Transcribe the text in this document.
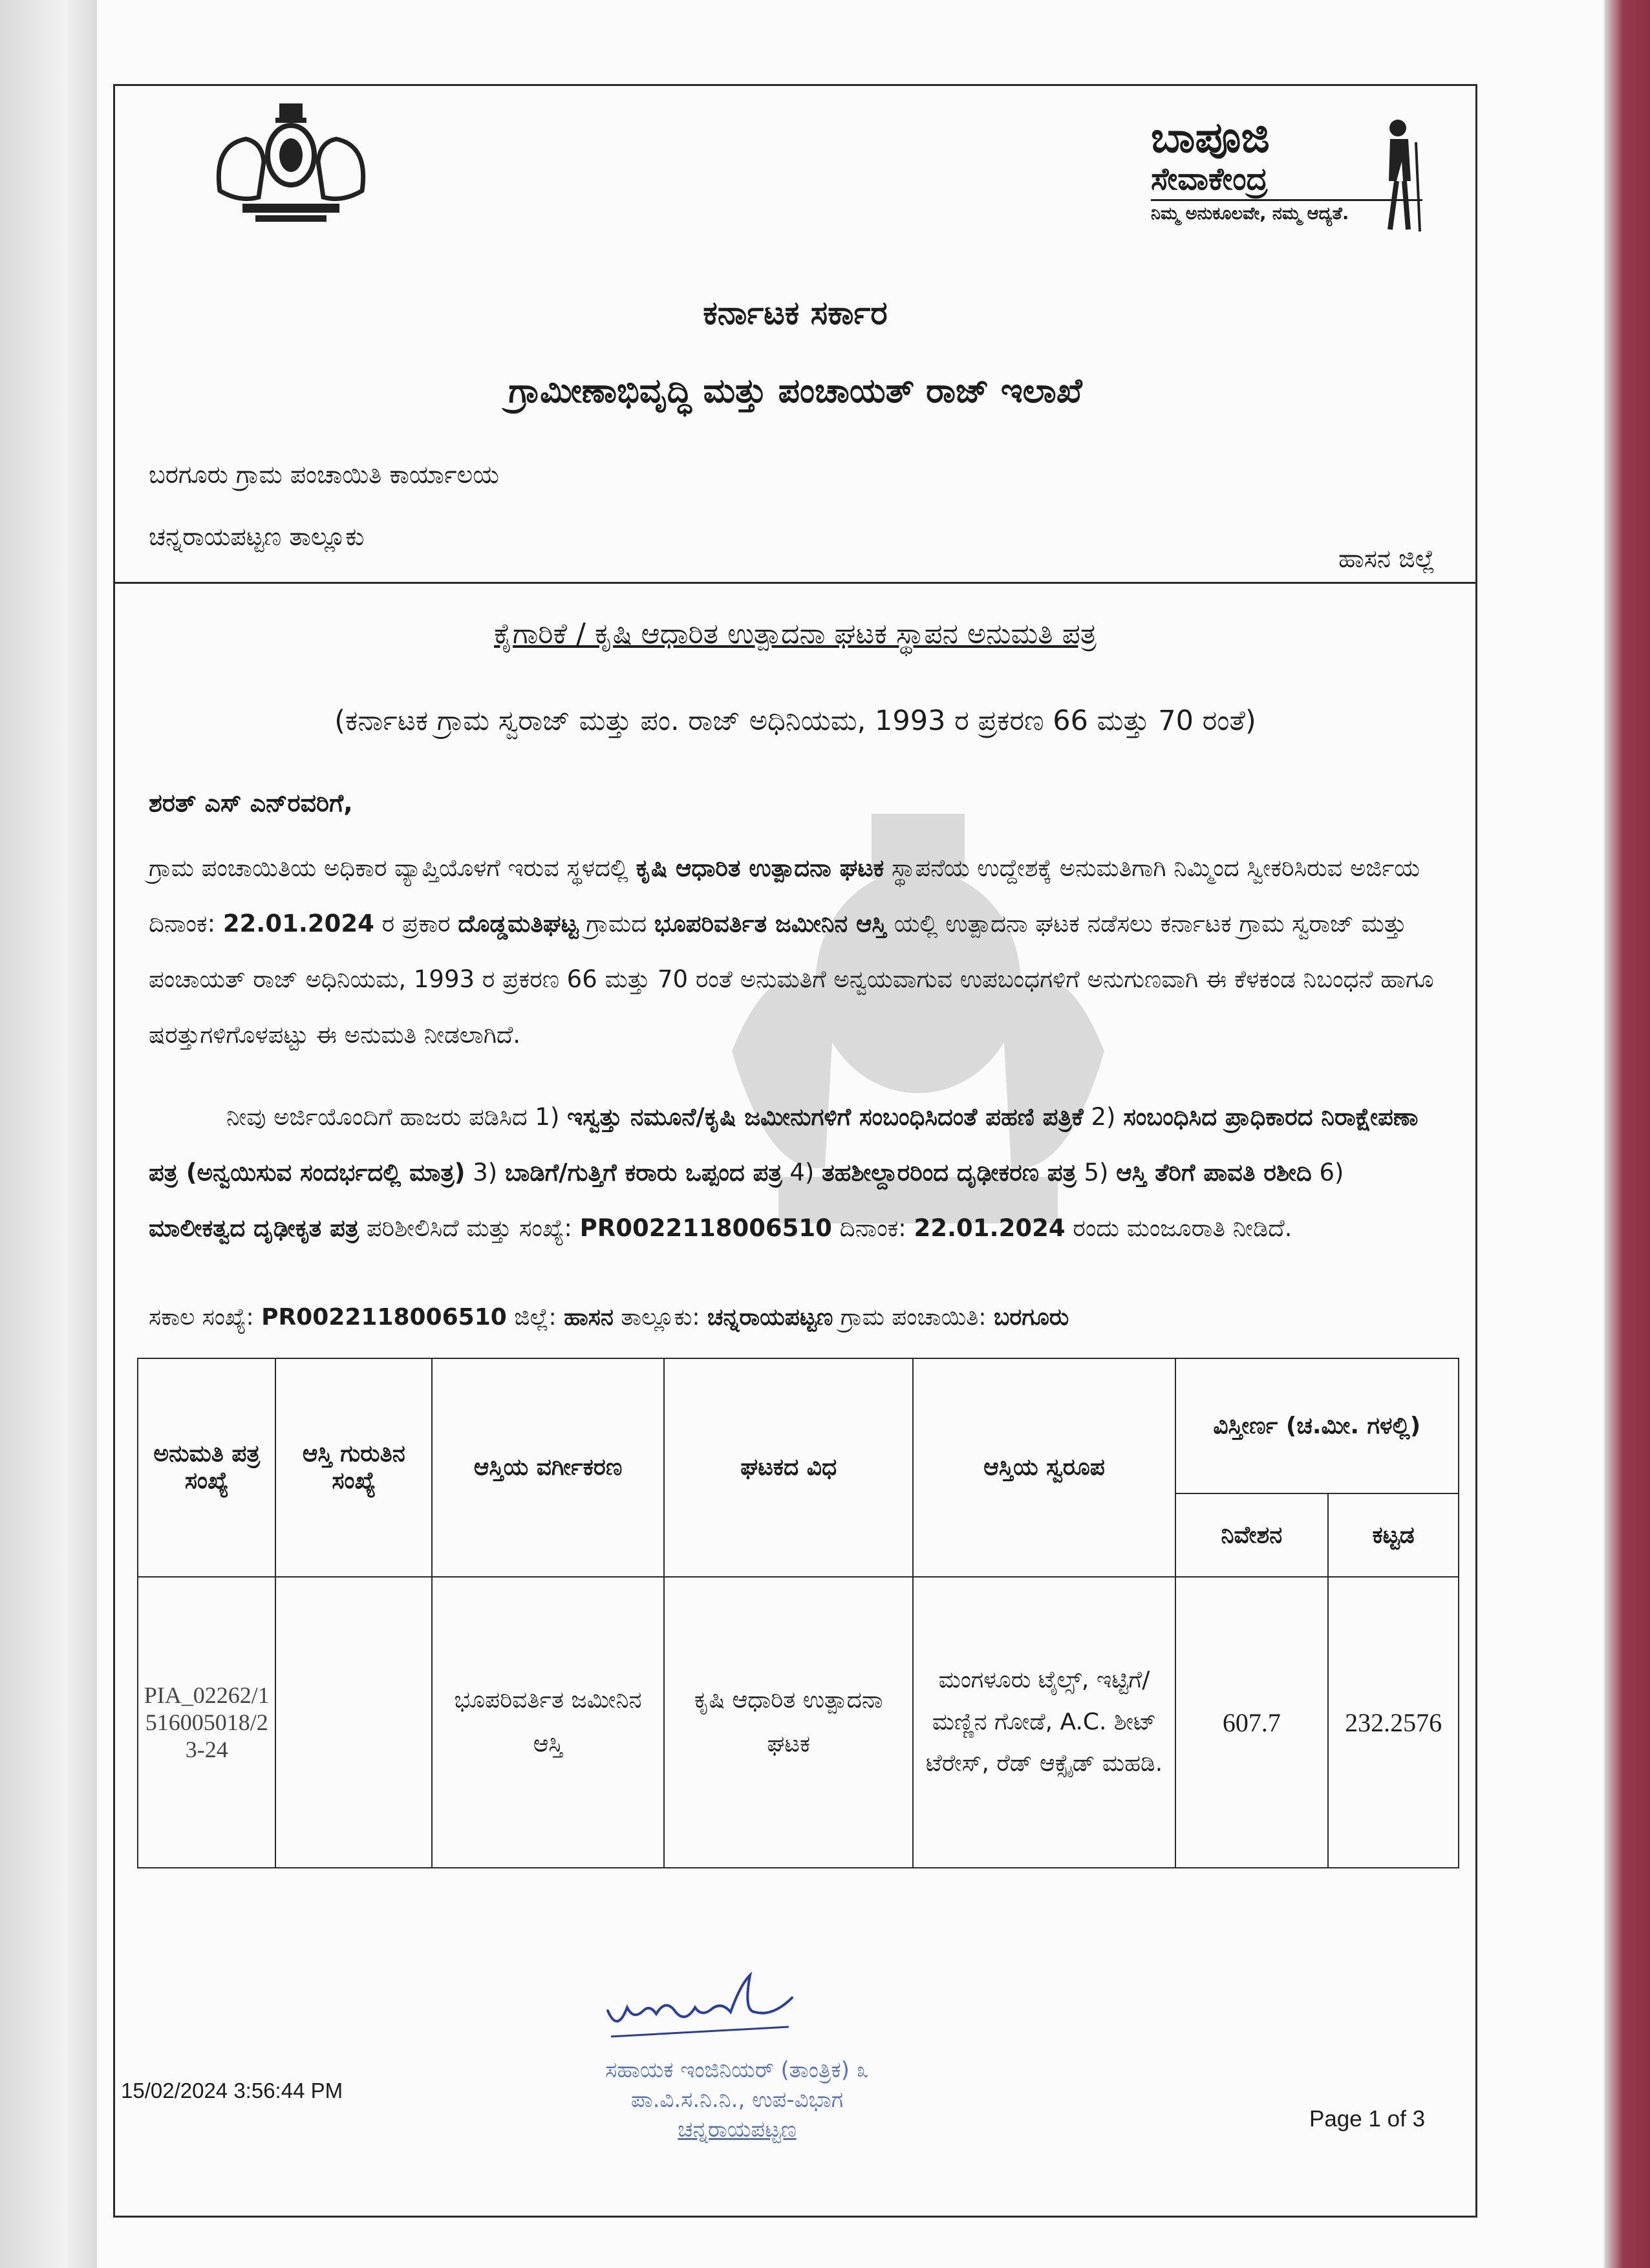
ಬಾಪೂಜಿ
ಸೇವಾಕೇಂದ್ರ
ನಿಮ್ಮ ಅನುಕೂಲವೇ, ನಮ್ಮ ಆದ್ಯತೆ.
ಕರ್ನಾಟಕ ಸರ್ಕಾರ
ಗ್ರಾಮೀಣಾಭಿವೃದ್ಧಿ ಮತ್ತು ಪಂಚಾಯತ್ ರಾಜ್ ಇಲಾಖೆ
ಬರಗೂರು ಗ್ರಾಮ ಪಂಚಾಯಿತಿ ಕಾರ್ಯಾಲಯ
ಚನ್ನರಾಯಪಟ್ಟಣ ತಾಲ್ಲೂಕು
ಹಾಸನ ಜಿಲ್ಲೆ
ಕೈಗಾರಿಕೆ / ಕೃಷಿ ಆಧಾರಿತ ಉತ್ಪಾದನಾ ಘಟಕ ಸ್ಥಾಪನ ಅನುಮತಿ ಪತ್ರ
(ಕರ್ನಾಟಕ ಗ್ರಾಮ ಸ್ವರಾಜ್ ಮತ್ತು ಪಂ. ರಾಜ್ ಅಧಿನಿಯಮ, 1993 ರ ಪ್ರಕರಣ 66 ಮತ್ತು 70 ರಂತೆ)
ಶರತ್ ಎಸ್ ಎನ್‌ರವರಿಗೆ,
ಗ್ರಾಮ ಪಂಚಾಯಿತಿಯ ಅಧಿಕಾರ ವ್ಯಾಪ್ತಿಯೊಳಗೆ ಇರುವ ಸ್ಥಳದಲ್ಲಿ ಕೃಷಿ ಆಧಾರಿತ ಉತ್ಪಾದನಾ ಘಟಕ ಸ್ಥಾಪನೆಯ ಉದ್ದೇಶಕ್ಕೆ ಅನುಮತಿಗಾಗಿ ನಿಮ್ಮಿಂದ ಸ್ವೀಕರಿಸಿರುವ ಅರ್ಜಿಯ ದಿನಾಂಕ: 22.01.2024 ರ ಪ್ರಕಾರ ದೊಡ್ಡಮತಿಘಟ್ಟ ಗ್ರಾಮದ ಭೂಪರಿವರ್ತಿತ ಜಮೀನಿನ ಆಸ್ತಿ ಯಲ್ಲಿ ಉತ್ಪಾದನಾ ಘಟಕ ನಡೆಸಲು ಕರ್ನಾಟಕ ಗ್ರಾಮ ಸ್ವರಾಜ್ ಮತ್ತು ಪಂಚಾಯತ್ ರಾಜ್ ಅಧಿನಿಯಮ, 1993 ರ ಪ್ರಕರಣ 66 ಮತ್ತು 70 ರಂತೆ ಅನುಮತಿಗೆ ಅನ್ವಯವಾಗುವ ಉಪಬಂಧಗಳಿಗೆ ಅನುಗುಣವಾಗಿ ಈ ಕೆಳಕಂಡ ನಿಬಂಧನೆ ಹಾಗೂ ಷರತ್ತುಗಳಿಗೊಳಪಟ್ಟು ಈ ಅನುಮತಿ ನೀಡಲಾಗಿದೆ.
ನೀವು ಅರ್ಜಿಯೊಂದಿಗೆ ಹಾಜರು ಪಡಿಸಿದ 1) ಇಸ್ವತ್ತು ನಮೂನೆ/ಕೃಷಿ ಜಮೀನುಗಳಿಗೆ ಸಂಬಂಧಿಸಿದಂತೆ ಪಹಣಿ ಪತ್ರಿಕೆ 2) ಸಂಬಂಧಿಸಿದ ಪ್ರಾಧಿಕಾರದ ನಿರಾಕ್ಷೇಪಣಾ ಪತ್ರ (ಅನ್ವಯಿಸುವ ಸಂದರ್ಭದಲ್ಲಿ ಮಾತ್ರ) 3) ಬಾಡಿಗೆ/ಗುತ್ತಿಗೆ ಕರಾರು ಒಪ್ಪಂದ ಪತ್ರ 4) ತಹಶೀಲ್ದಾರರಿಂದ ದೃಢೀಕರಣ ಪತ್ರ 5) ಆಸ್ತಿ ತೆರಿಗೆ ಪಾವತಿ ರಶೀದಿ 6) ಮಾಲೀಕತ್ವದ ದೃಢೀಕೃತ ಪತ್ರ ಪರಿಶೀಲಿಸಿದೆ ಮತ್ತು ಸಂಖ್ಯೆ: PR0022118006510 ದಿನಾಂಕ: 22.01.2024 ರಂದು ಮಂಜೂರಾತಿ ನೀಡಿದೆ.
ಸಕಾಲ ಸಂಖ್ಯೆ: PR0022118006510 ಜಿಲ್ಲೆ: ಹಾಸನ ತಾಲ್ಲೂಕು: ಚನ್ನರಾಯಪಟ್ಟಣ ಗ್ರಾಮ ಪಂಚಾಯಿತಿ: ಬರಗೂರು
ಅನುಮತಿ ಪತ್ರ ಸಂಖ್ಯೆ	ಆಸ್ತಿ ಗುರುತಿನ ಸಂಖ್ಯೆ	ಆಸ್ತಿಯ ವರ್ಗೀಕರಣ	ಘಟಕದ ವಿಧ	ಆಸ್ತಿಯ ಸ್ವರೂಪ	ವಿಸ್ತೀರ್ಣ (ಚ.ಮೀ. ಗಳಲ್ಲಿ)	
					ನಿವೇಶನ	ಕಟ್ಟಡ
PIA_02262/1516005018/23-24		ಭೂಪರಿವರ್ತಿತ ಜಮೀನಿನ ಆಸ್ತಿ	ಕೃಷಿ ಆಧಾರಿತ ಉತ್ಪಾದನಾ ಘಟಕ	ಮಂಗಳೂರು ಟೈಲ್ಸ್, ಇಟ್ಟಿಗೆ/ ಮಣ್ಣಿನ ಗೋಡೆ, A.C. ಶೀಟ್ ಟೆರೇಸ್, ರೆಡ್ ಆಕ್ಸೈಡ್ ಮಹಡಿ.	607.7	232.2576
ಸಹಾಯಕ ಇಂಜಿನಿಯರ್ (ತಾಂತ್ರಿಕ) ೩
ಪಾ.ವಿ.ಸ.ನಿ.ನಿ., ಉಪ-ವಿಭಾಗ
ಚನ್ನರಾಯಪಟ್ಟಣ
15/02/2024 3:56:44 PM
Page 1 of 3
